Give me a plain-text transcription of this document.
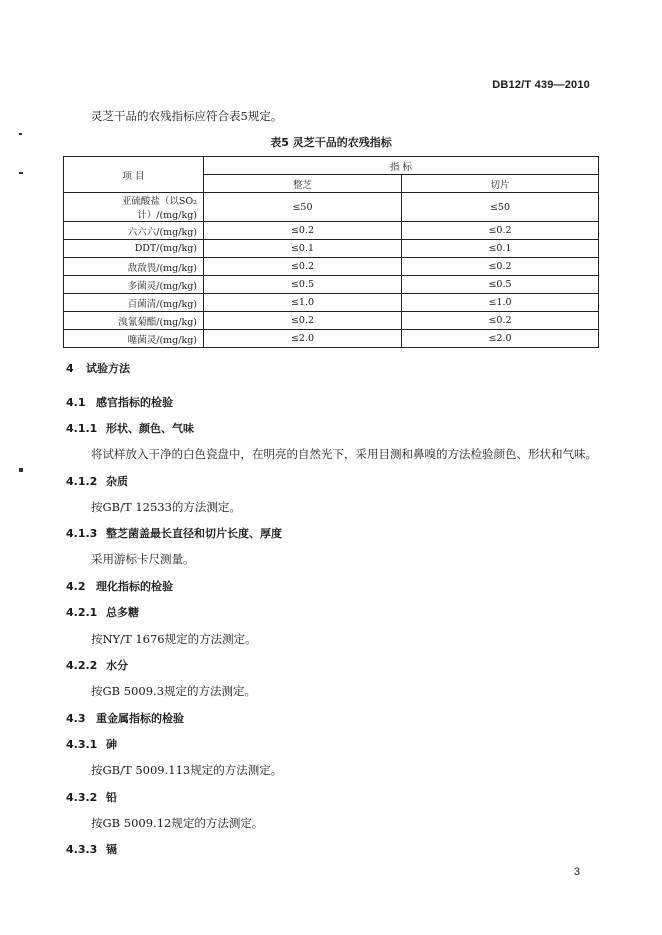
DB12/T 439—2010
灵芝干品的农残指标应符合表5规定。
表5 灵芝干品的农残指标
项 目	指 标	
	整芝	切片
亚硫酸盐（以SO₂计）/(mg/kg)	≤50	≤50
六六六/(mg/kg)	≤0.2	≤0.2
DDT/(mg/kg)	≤0.1	≤0.1
敌敌畏/(mg/kg)	≤0.2	≤0.2
多菌灵/(mg/kg)	≤0.5	≤0.5
百菌清/(mg/kg)	≤1.0	≤1.0
溴氰菊酯/(mg/kg)	≤0.2	≤0.2
噻菌灵/(mg/kg)	≤2.0	≤2.0
4 试验方法
4.1 感官指标的检验
4.1.1 形状、颜色、气味
将试样放入干净的白色瓷盘中，在明亮的自然光下，采用目测和鼻嗅的方法检验颜色、形状和气味。
4.1.2 杂质
按GB/T 12533的方法测定。
4.1.3 整芝菌盖最长直径和切片长度、厚度
采用游标卡尺测量。
4.2 理化指标的检验
4.2.1 总多糖
按NY/T 1676规定的方法测定。
4.2.2 水分
按GB 5009.3规定的方法测定。
4.3 重金属指标的检验
4.3.1 砷
按GB/T 5009.113规定的方法测定。
4.3.2 铅
按GB 5009.12规定的方法测定。
4.3.3 镉
3
